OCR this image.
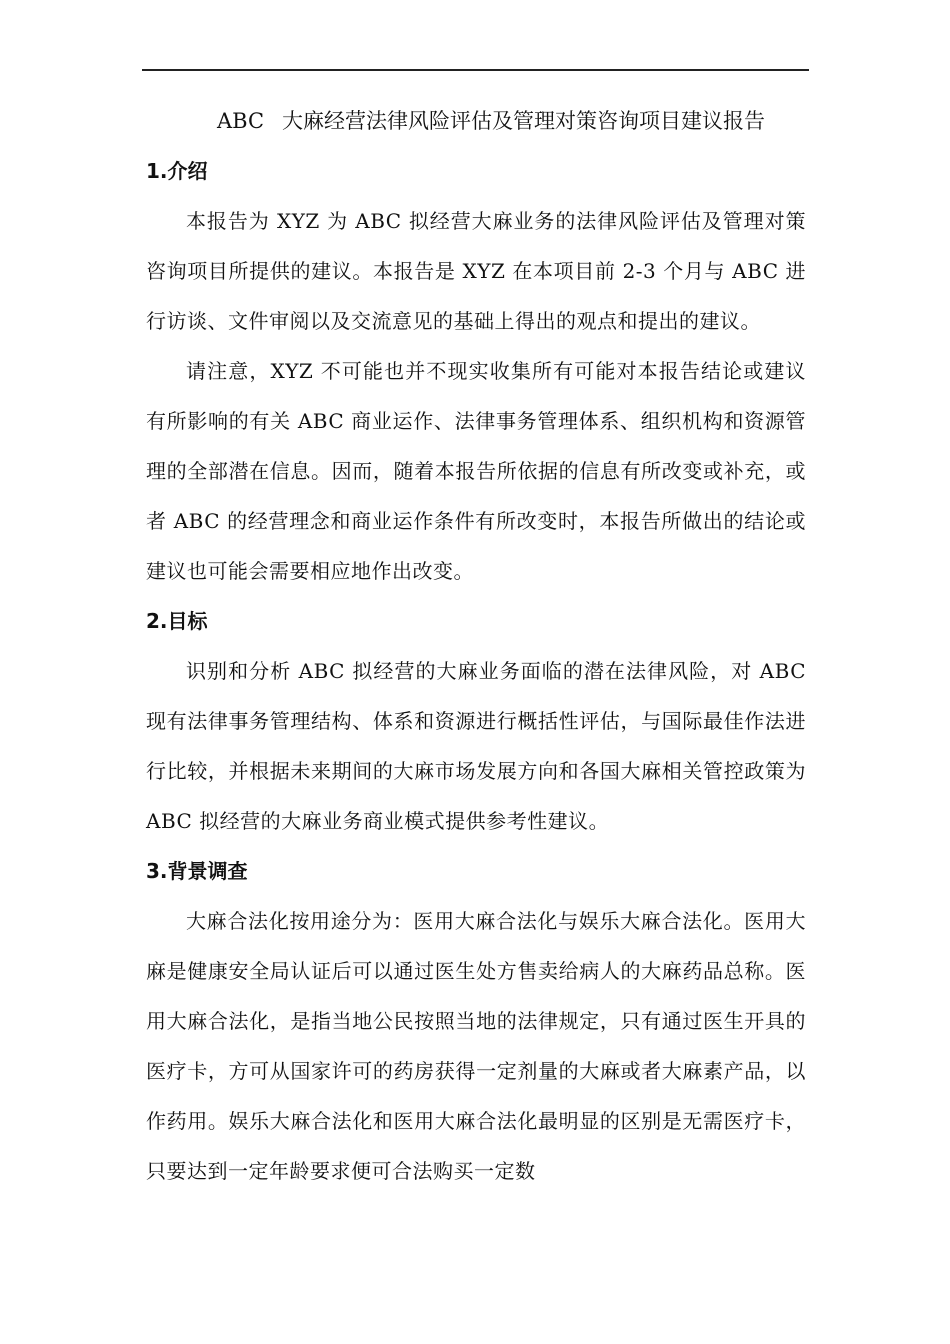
ABC 大麻经营法律风险评估及管理对策咨询项目建议报告
1.介绍

本报告为 XYZ 为 ABC 拟经营大麻业务的法律风险评估及管理对策咨询项目所提供的建议。本报告是 XYZ 在本项目前 2-3 个月与 ABC 进行访谈、文件审阅以及交流意见的基础上得出的观点和提出的建议。

请注意，XYZ 不可能也并不现实收集所有可能对本报告结论或建议有所影响的有关 ABC 商业运作、法律事务管理体系、组织机构和资源管理的全部潜在信息。因而，随着本报告所依据的信息有所改变或补充，或者 ABC 的经营理念和商业运作条件有所改变时，本报告所做出的结论或建议也可能会需要相应地作出改变。

2.目标

识别和分析 ABC 拟经营的大麻业务面临的潜在法律风险，对 ABC 现有法律事务管理结构、体系和资源进行概括性评估，与国际最佳作法进行比较，并根据未来期间的大麻市场发展方向和各国大麻相关管控政策为 ABC 拟经营的大麻业务商业模式提供参考性建议。

3.背景调查

大麻合法化按用途分为：医用大麻合法化与娱乐大麻合法化。医用大麻是健康安全局认证后可以通过医生处方售卖给病人的大麻药品总称。医用大麻合法化，是指当地公民按照当地的法律规定，只有通过医生开具的医疗卡，方可从国家许可的药房获得一定剂量的大麻或者大麻素产品，以作药用。娱乐大麻合法化和医用大麻合法化最明显的区别是无需医疗卡，只要达到一定年龄要求便可合法购买一定数
